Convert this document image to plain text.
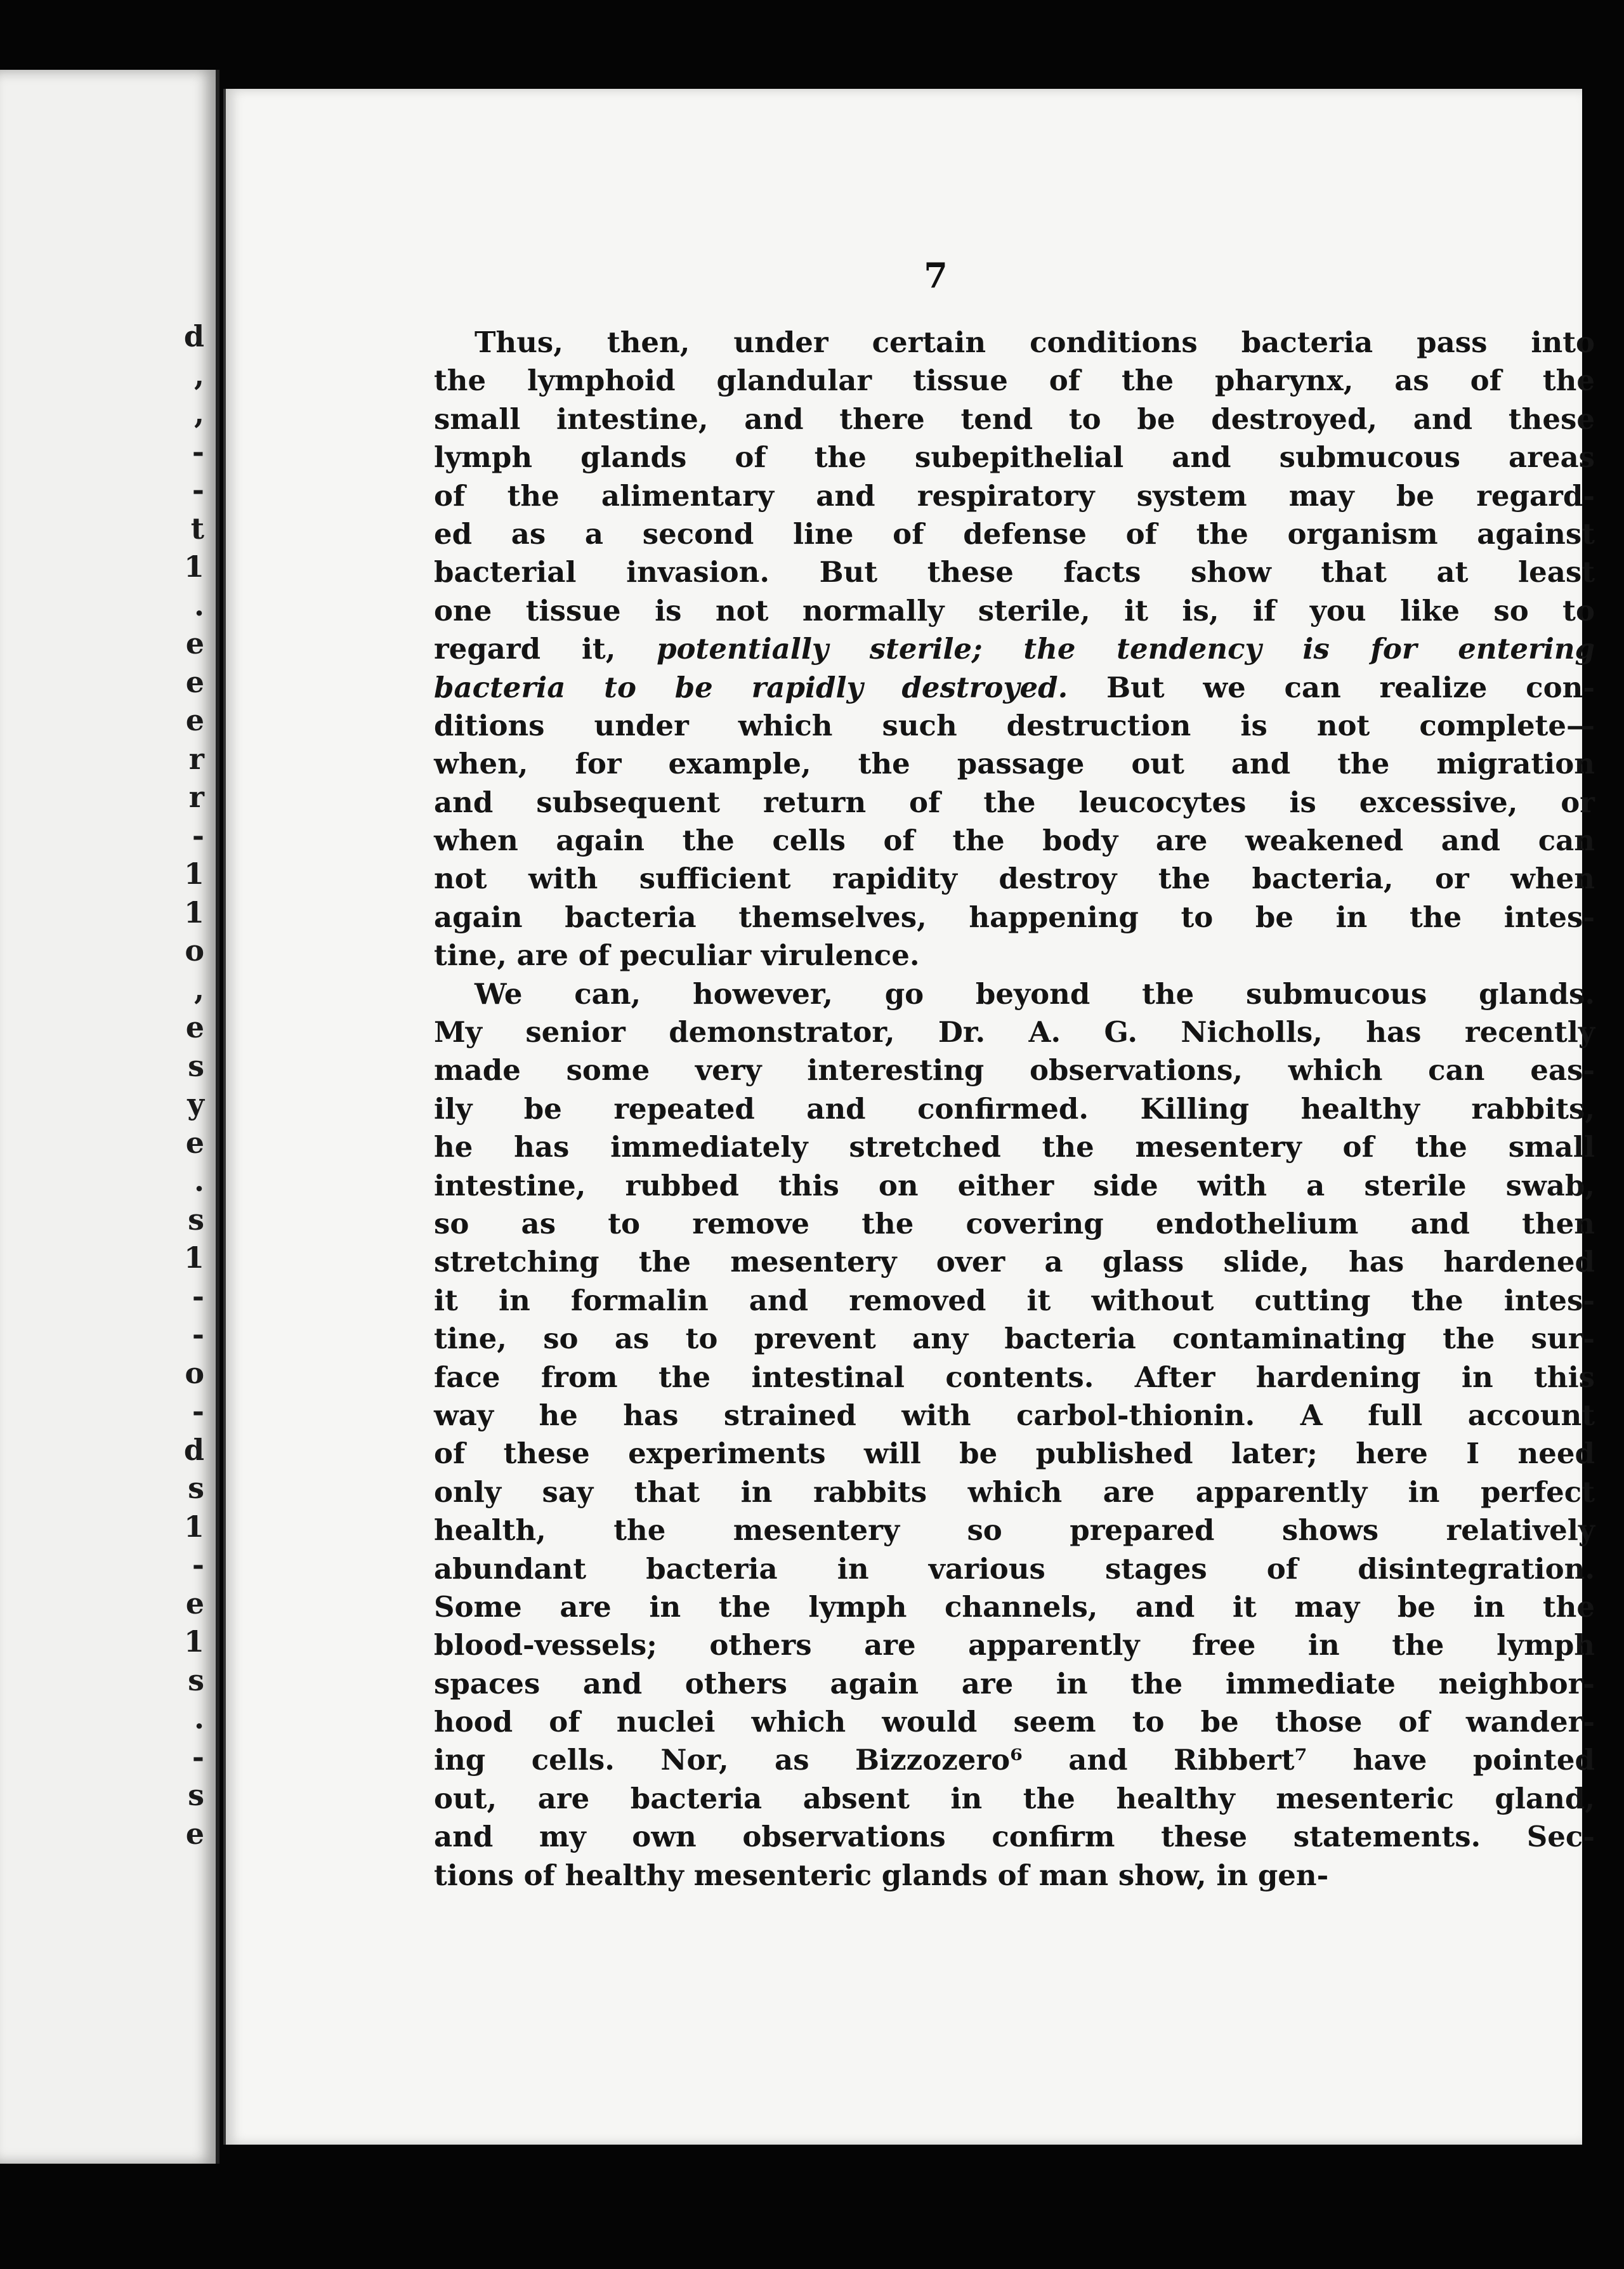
d
,
,
-
-
t
1
.
e
e
e
r
r
-
1
1
o
,
e
s
y
e
.
s
1
-
-
o
-
d
s
1
-
e
1
s
.
-
s
e
7
Thus, then, under certain conditions bacteria pass into
the lymphoid glandular tissue of the pharynx, as of the
small intestine, and there tend to be destroyed, and these
lymph glands of the subepithelial and submucous areas
of the alimentary and respiratory system may be regard-
ed as a second line of defense of the organism against
bacterial invasion. But these facts show that at least
one tissue is not normally sterile, it is, if you like so to
regard it, potentially sterile; the tendency is for entering
bacteria to be rapidly destroyed. But we can realize con-
ditions under which such destruction is not complete—
when, for example, the passage out and the migration
and subsequent return of the leucocytes is excessive, or
when again the cells of the body are weakened and can
not with sufficient rapidity destroy the bacteria, or when
again bacteria themselves, happening to be in the intes-
tine, are of peculiar virulence.
We can, however, go beyond the submucous glands.
My senior demonstrator, Dr. A. G. Nicholls, has recently
made some very interesting observations, which can eas-
ily be repeated and confirmed. Killing healthy rabbits,
he has immediately stretched the mesentery of the small
intestine, rubbed this on either side with a sterile swab,
so as to remove the covering endothelium and then
stretching the mesentery over a glass slide, has hardened
it in formalin and removed it without cutting the intes-
tine, so as to prevent any bacteria contaminating the sur-
face from the intestinal contents. After hardening in this
way he has strained with carbol-thionin. A full account
of these experiments will be published later; here I need
only say that in rabbits which are apparently in perfect
health, the mesentery so prepared shows relatively
abundant bacteria in various stages of disintegration.
Some are in the lymph channels, and it may be in the
blood-vessels; others are apparently free in the lymph
spaces and others again are in the immediate neighbor-
hood of nuclei which would seem to be those of wander-
ing cells. Nor, as Bizzozero⁶ and Ribbert⁷ have pointed
out, are bacteria absent in the healthy mesenteric gland,
and my own observations confirm these statements. Sec-
tions of healthy mesenteric glands of man show, in gen-
